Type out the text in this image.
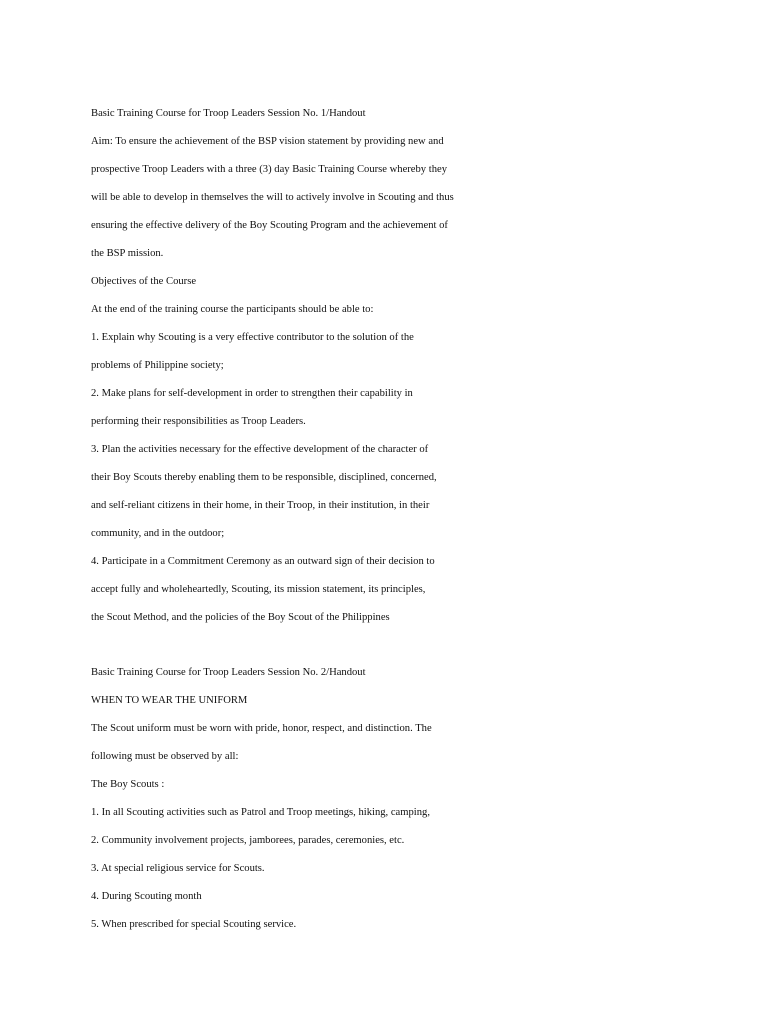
Basic Training Course for Troop Leaders Session No. 1/Handout
Aim: To ensure the achievement of the BSP vision statement by providing new and
prospective Troop Leaders with a three (3) day Basic Training Course whereby they
will be able to develop in themselves the will to actively involve in Scouting and thus
ensuring the effective delivery of the Boy Scouting Program and the achievement of
the BSP mission.
Objectives of the Course
At the end of the training course the participants should be able to:
1. Explain why Scouting is a very effective contributor to the solution of the
problems of Philippine society;
2. Make plans for self-development in order to strengthen their capability in
performing their responsibilities as Troop Leaders.
3. Plan the activities necessary for the effective development of the character of
their Boy Scouts thereby enabling them to be responsible, disciplined, concerned,
and self-reliant citizens in their home, in their Troop, in their institution, in their
community, and in the outdoor;
4. Participate in a Commitment Ceremony as an outward sign of their decision to
accept fully and wholeheartedly, Scouting, its mission statement, its principles,
the Scout Method, and the policies of the Boy Scout of the Philippines
Basic Training Course for Troop Leaders Session No. 2/Handout
WHEN TO WEAR THE UNIFORM
The Scout uniform must be worn with pride, honor, respect, and distinction. The
following must be observed by all:
The Boy Scouts :
1. In all Scouting activities such as Patrol and Troop meetings, hiking, camping,
2. Community involvement projects, jamborees, parades, ceremonies, etc.
3. At special religious service for Scouts.
4. During Scouting month
5. When prescribed for special Scouting service.
